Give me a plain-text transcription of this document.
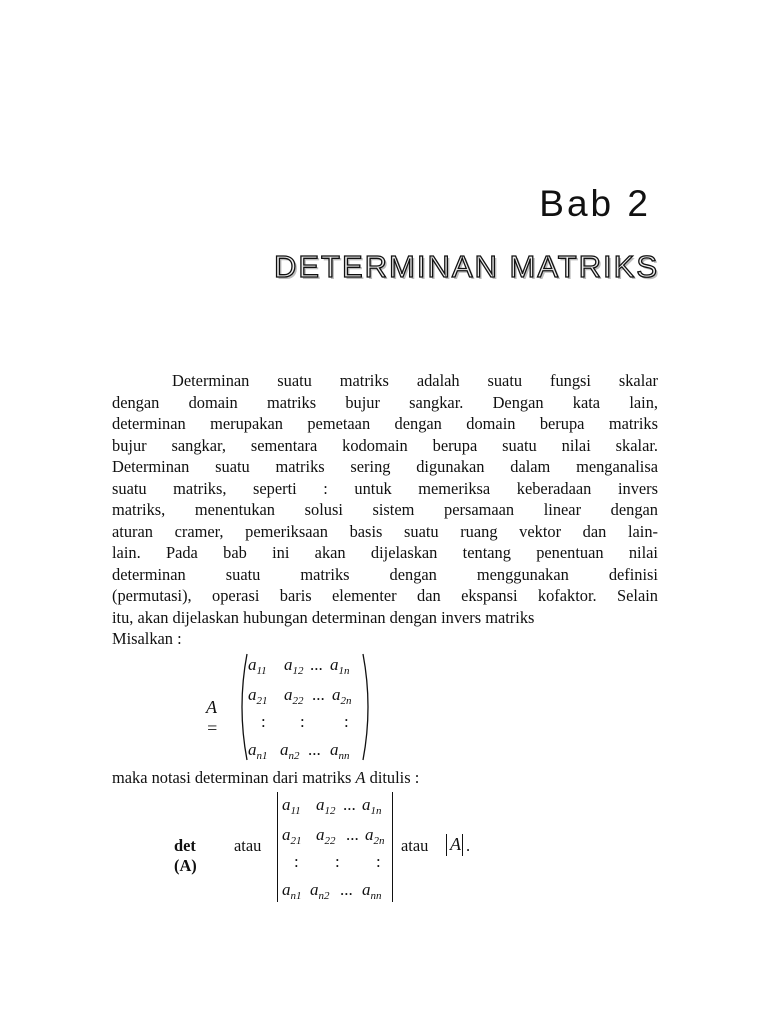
Bab 2
DETERMINAN MATRIKS
Determinan suatu matriks adalah suatu fungsi skalar
dengan domain matriks bujur sangkar. Dengan kata lain,
determinan merupakan pemetaan dengan domain berupa matriks
bujur sangkar, sementara kodomain berupa suatu nilai skalar.
Determinan suatu matriks sering digunakan dalam menganalisa
suatu matriks, seperti : untuk memeriksa keberadaan invers
matriks, menentukan solusi sistem persamaan linear dengan
aturan cramer, pemeriksaan basis suatu ruang vektor dan lain-
lain. Pada bab ini akan dijelaskan tentang penentuan nilai
determinan suatu matriks dengan menggunakan definisi
(permutasi), operasi baris elementer dan ekspansi kofaktor. Selain
itu, akan dijelaskan hubungan determinan dengan invers matriks
Misalkan :
A =
$a_{11}$ $a_{12}$ ... $a_{1n}$
$a_{21}$ $a_{22}$ ... $a_{2n}$
: : :
$a_{n1}$ $a_{n2}$ ... $a_{nn}$
maka notasi determinan dari matriks A ditulis :
det (A)
atau
$a_{11}$ $a_{12}$ ... $a_{1n}$
$a_{21}$ $a_{22}$ ... $a_{2n}$
: : :
$a_{n1}$ $a_{n2}$ ... $a_{nn}$
atau A .
